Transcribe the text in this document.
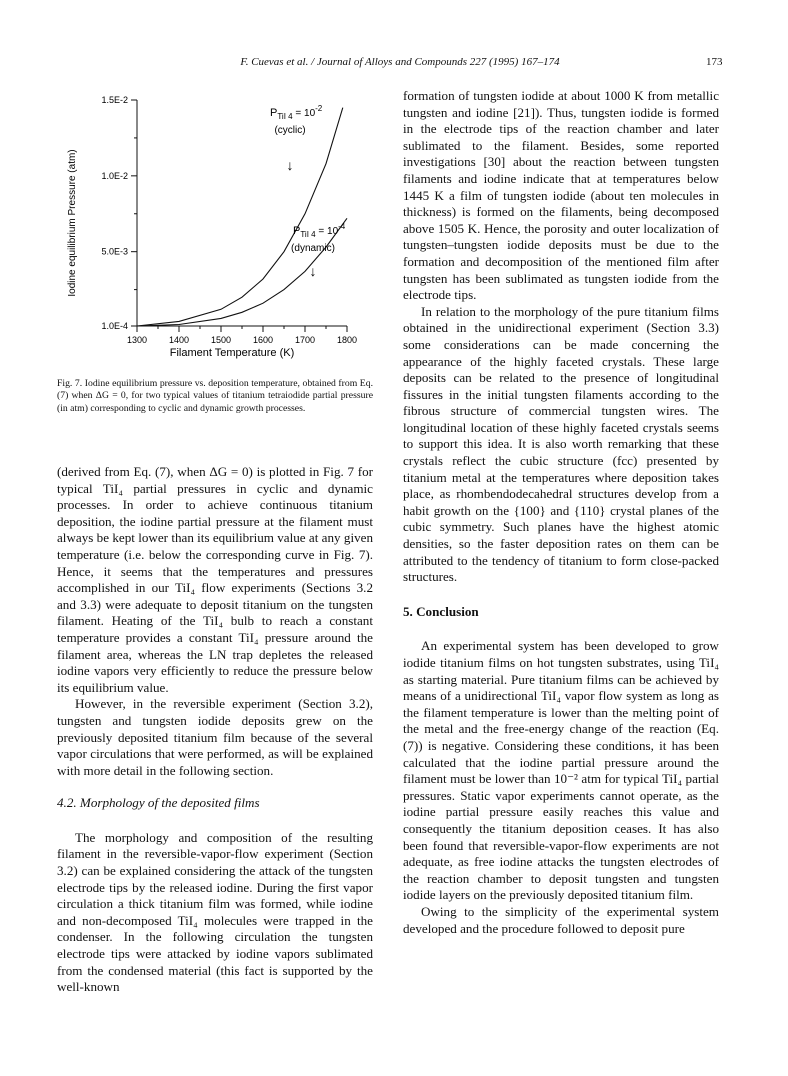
F. Cuevas et al. / Journal of Alloys and Compounds 227 (1995) 167–174	173
1300 1400 1500 1600 1700 1800
1.0E-4
5.0E-3
1.0E-2
1.5E-2
Filament Temperature (K)
Iodine equilibrium Pressure (atm)
$P_{TiI 4} = 10^{-2}$
(cyclic)
↓
$P_{TiI 4} = 10^{-4}$
(dynamic)
↓

Fig. 7. Iodine equilibrium pressure vs. deposition temperature, obtained from Eq. (7) when ΔG = 0, for two typical values of titanium tetraiodide partial pressure (in atm) corresponding to cyclic and dynamic growth processes.

(derived from Eq. (7), when ΔG = 0) is plotted in Fig. 7 for typical TiI₄ partial pressures in cyclic and dynamic processes. In order to achieve continuous titanium deposition, the iodine partial pressure at the filament must always be kept lower than its equilibrium value at any given temperature (i.e. below the corresponding curve in Fig. 7). Hence, it seems that the temperatures and pressures accomplished in our TiI₄ flow experiments (Sections 3.2 and 3.3) were adequate to deposit titanium on the tungsten filament. Heating of the TiI₄ bulb to reach a constant temperature provides a constant TiI₄ pressure around the filament area, whereas the LN trap depletes the released iodine vapors very efficiently to reduce the pressure below its equilibrium value.

However, in the reversible experiment (Section 3.2), tungsten and tungsten iodide deposits grew on the previously deposited titanium film because of the several vapor circulations that were performed, as will be explained with more detail in the following section.

4.2. Morphology of the deposited films

The morphology and composition of the resulting filament in the reversible-vapor-flow experiment (Section 3.2) can be explained considering the attack of the tungsten electrode tips by the released iodine. During the first vapor circulation a thick titanium film was formed, while iodine and non-decomposed TiI₄ molecules were trapped in the condenser. In the following circulation the tungsten electrode tips were attacked by iodine vapors sublimated from the condensed material (this fact is supported by the well-known

formation of tungsten iodide at about 1000 K from metallic tungsten and iodine [21]). Thus, tungsten iodide is formed in the electrode tips of the reaction chamber and later sublimated to the filament. Besides, some reported investigations [30] about the reaction between tungsten filaments and iodine indicate that at temperatures below 1445 K a film of tungsten iodide (about ten molecules in thickness) is formed on the filaments, being decomposed above 1505 K. Hence, the porosity and outer localization of tungsten–tungsten iodide deposits must be due to the formation and decomposition of the mentioned film after tungsten has been sublimated as tungsten iodide from the electrode tips.

In relation to the morphology of the pure titanium films obtained in the unidirectional experiment (Section 3.3) some considerations can be made concerning the appearance of the highly faceted crystals. These large deposits can be related to the presence of longitudinal fissures in the initial tungsten filaments according to the fibrous structure of commercial tungsten wires. The longitudinal location of these highly faceted crystals seems to support this idea. It is also worth remarking that these crystals reflect the cubic structure (fcc) presented by titanium metal at the temperatures where deposition takes place, as rhombendodecahedral structures develop from a habit growth on the {100} and {110} crystal planes of the cubic symmetry. Such planes have the highest atomic densities, so the faster deposition rates on them can be attributed to the tendency of titanium to form close-packed structures.

5. Conclusion

An experimental system has been developed to grow iodide titanium films on hot tungsten substrates, using TiI₄ as starting material. Pure titanium films can be achieved by means of a unidirectional TiI₄ vapor flow system as long as the filament temperature is lower than the melting point of the metal and the free-energy change of the reaction (Eq. (7)) is negative. Considering these conditions, it has been calculated that the iodine partial pressure around the filament must be lower than 10⁻² atm for typical TiI₄ partial pressures. Static vapor experiments cannot operate, as the iodine partial pressure easily reaches this value and consequently the titanium deposition ceases. It has also been found that reversible-vapor-flow experiments are not adequate, as free iodine attacks the tungsten electrodes of the reaction chamber to deposit tungsten and tungsten iodide layers on the previously deposited titanium film.

Owing to the simplicity of the experimental system developed and the procedure followed to deposit pure
